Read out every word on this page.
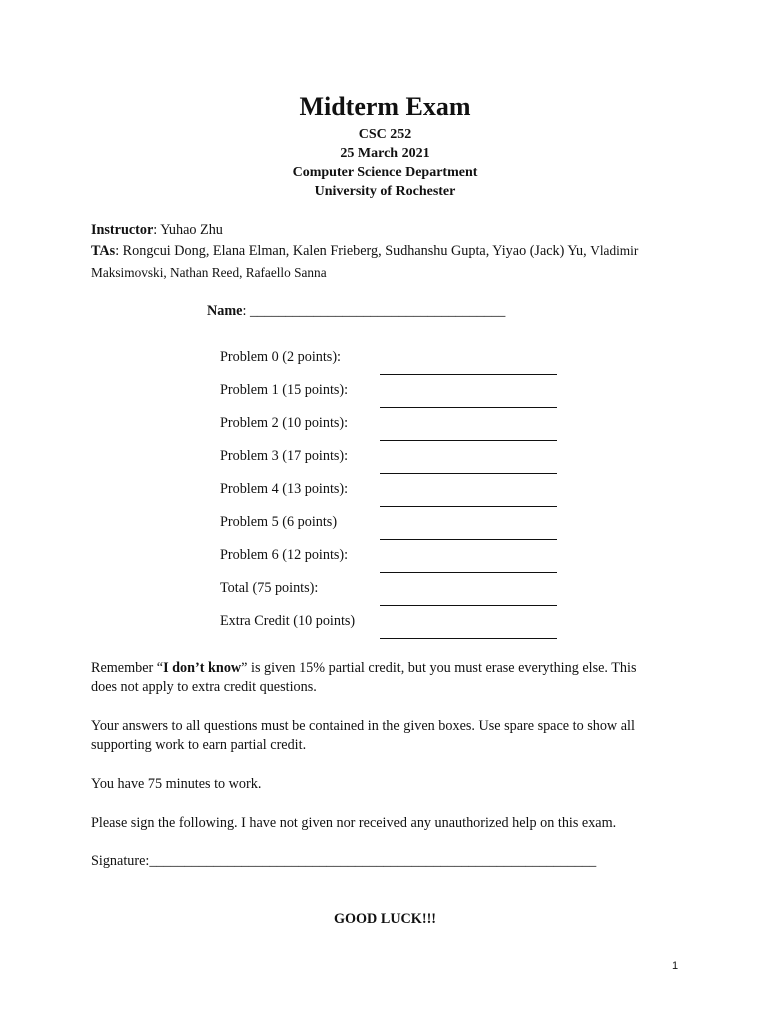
Midterm Exam
CSC 252
25 March 2021
Computer Science Department
University of Rochester
Instructor: Yuhao Zhu
TAs: Rongcui Dong, Elana Elman, Kalen Frieberg, Sudhanshu Gupta, Yiyao (Jack) Yu, Vladimir
Maksimovski, Nathan Reed, Rafaello Sanna
Name: ____________________________________
Problem 0 (2 points):
Problem 1 (15 points):
Problem 2 (10 points):
Problem 3 (17 points):
Problem 4 (13 points):
Problem 5 (6 points)
Problem 6 (12 points):
Total (75 points):
Extra Credit (10 points)
Remember “I don’t know” is given 15% partial credit, but you must erase everything else. This
does not apply to extra credit questions.
Your answers to all questions must be contained in the given boxes. Use spare space to show all
supporting work to earn partial credit.
You have 75 minutes to work.
Please sign the following. I have not given nor received any unauthorized help on this exam.
Signature:_______________________________________________________________
GOOD LUCK!!!
1
